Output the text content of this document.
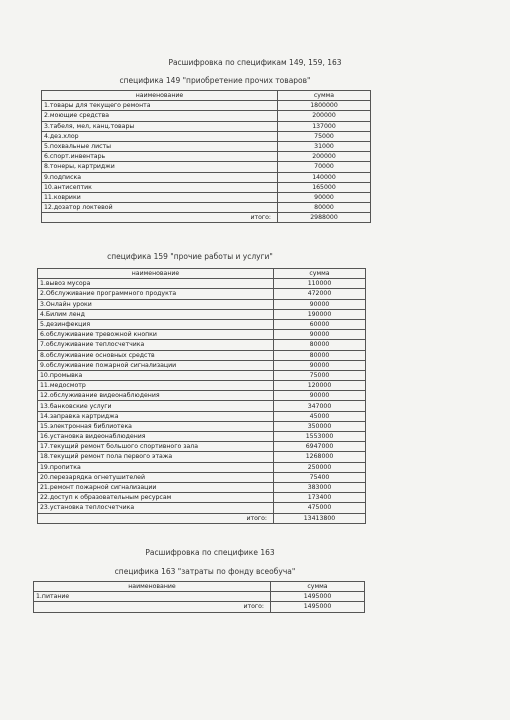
Расшифровка по спецификам 149, 159, 163
специфика 149 "приобретение прочих товаров"
наименование	сумма
1.товары для текущего ремонта	1800000
2.моющие средства	200000
3.табеля, мел, канц.товары	137000
4.дез.хлор	75000
5.похвальные листы	31000
6.спорт.инвентарь	200000
8.тонеры, картриджи	70000
9.подписка	140000
10.антисептик	165000
11.коврики	90000
12.дозатор локтевой	80000
итого:	2988000
специфика 159 "прочие работы и услуги"
наименование	сумма
1.вывоз мусора	110000
2.Обслуживание программного продукта	472000
3.Онлайн уроки	90000
4.Билим ленд	190000
5.дезинфекция	60000
6.обслуживание тревожной кнопки	90000
7.обслуживание теплосчетчика	80000
8.обслуживание основных средств	80000
9.обслуживание пожарной сигнализации	90000
10.промывка	75000
11.медосмотр	120000
12.обслуживание видеонаблюдения	90000
13.банковские услуги	347000
14.заправка картриджа	45000
15.электронная библиотека	350000
16.установка видеонаблюдения	1553000
17.текущий ремонт большого спортивного зала	6947000
18.текущий ремонт пола первого этажа	1268000
19.пропитка	250000
20.перезарядка огнетушителей	75400
21.ремонт пожарной сигнализации	383000
22.доступ к образовательным ресурсам	173400
23.установка теплосчетчика	475000
итого:	13413800
Расшифровка по специфике 163
специфика 163 "затраты по фонду всеобуча"
наименование	сумма
1.питание	1495000
итого:	1495000
